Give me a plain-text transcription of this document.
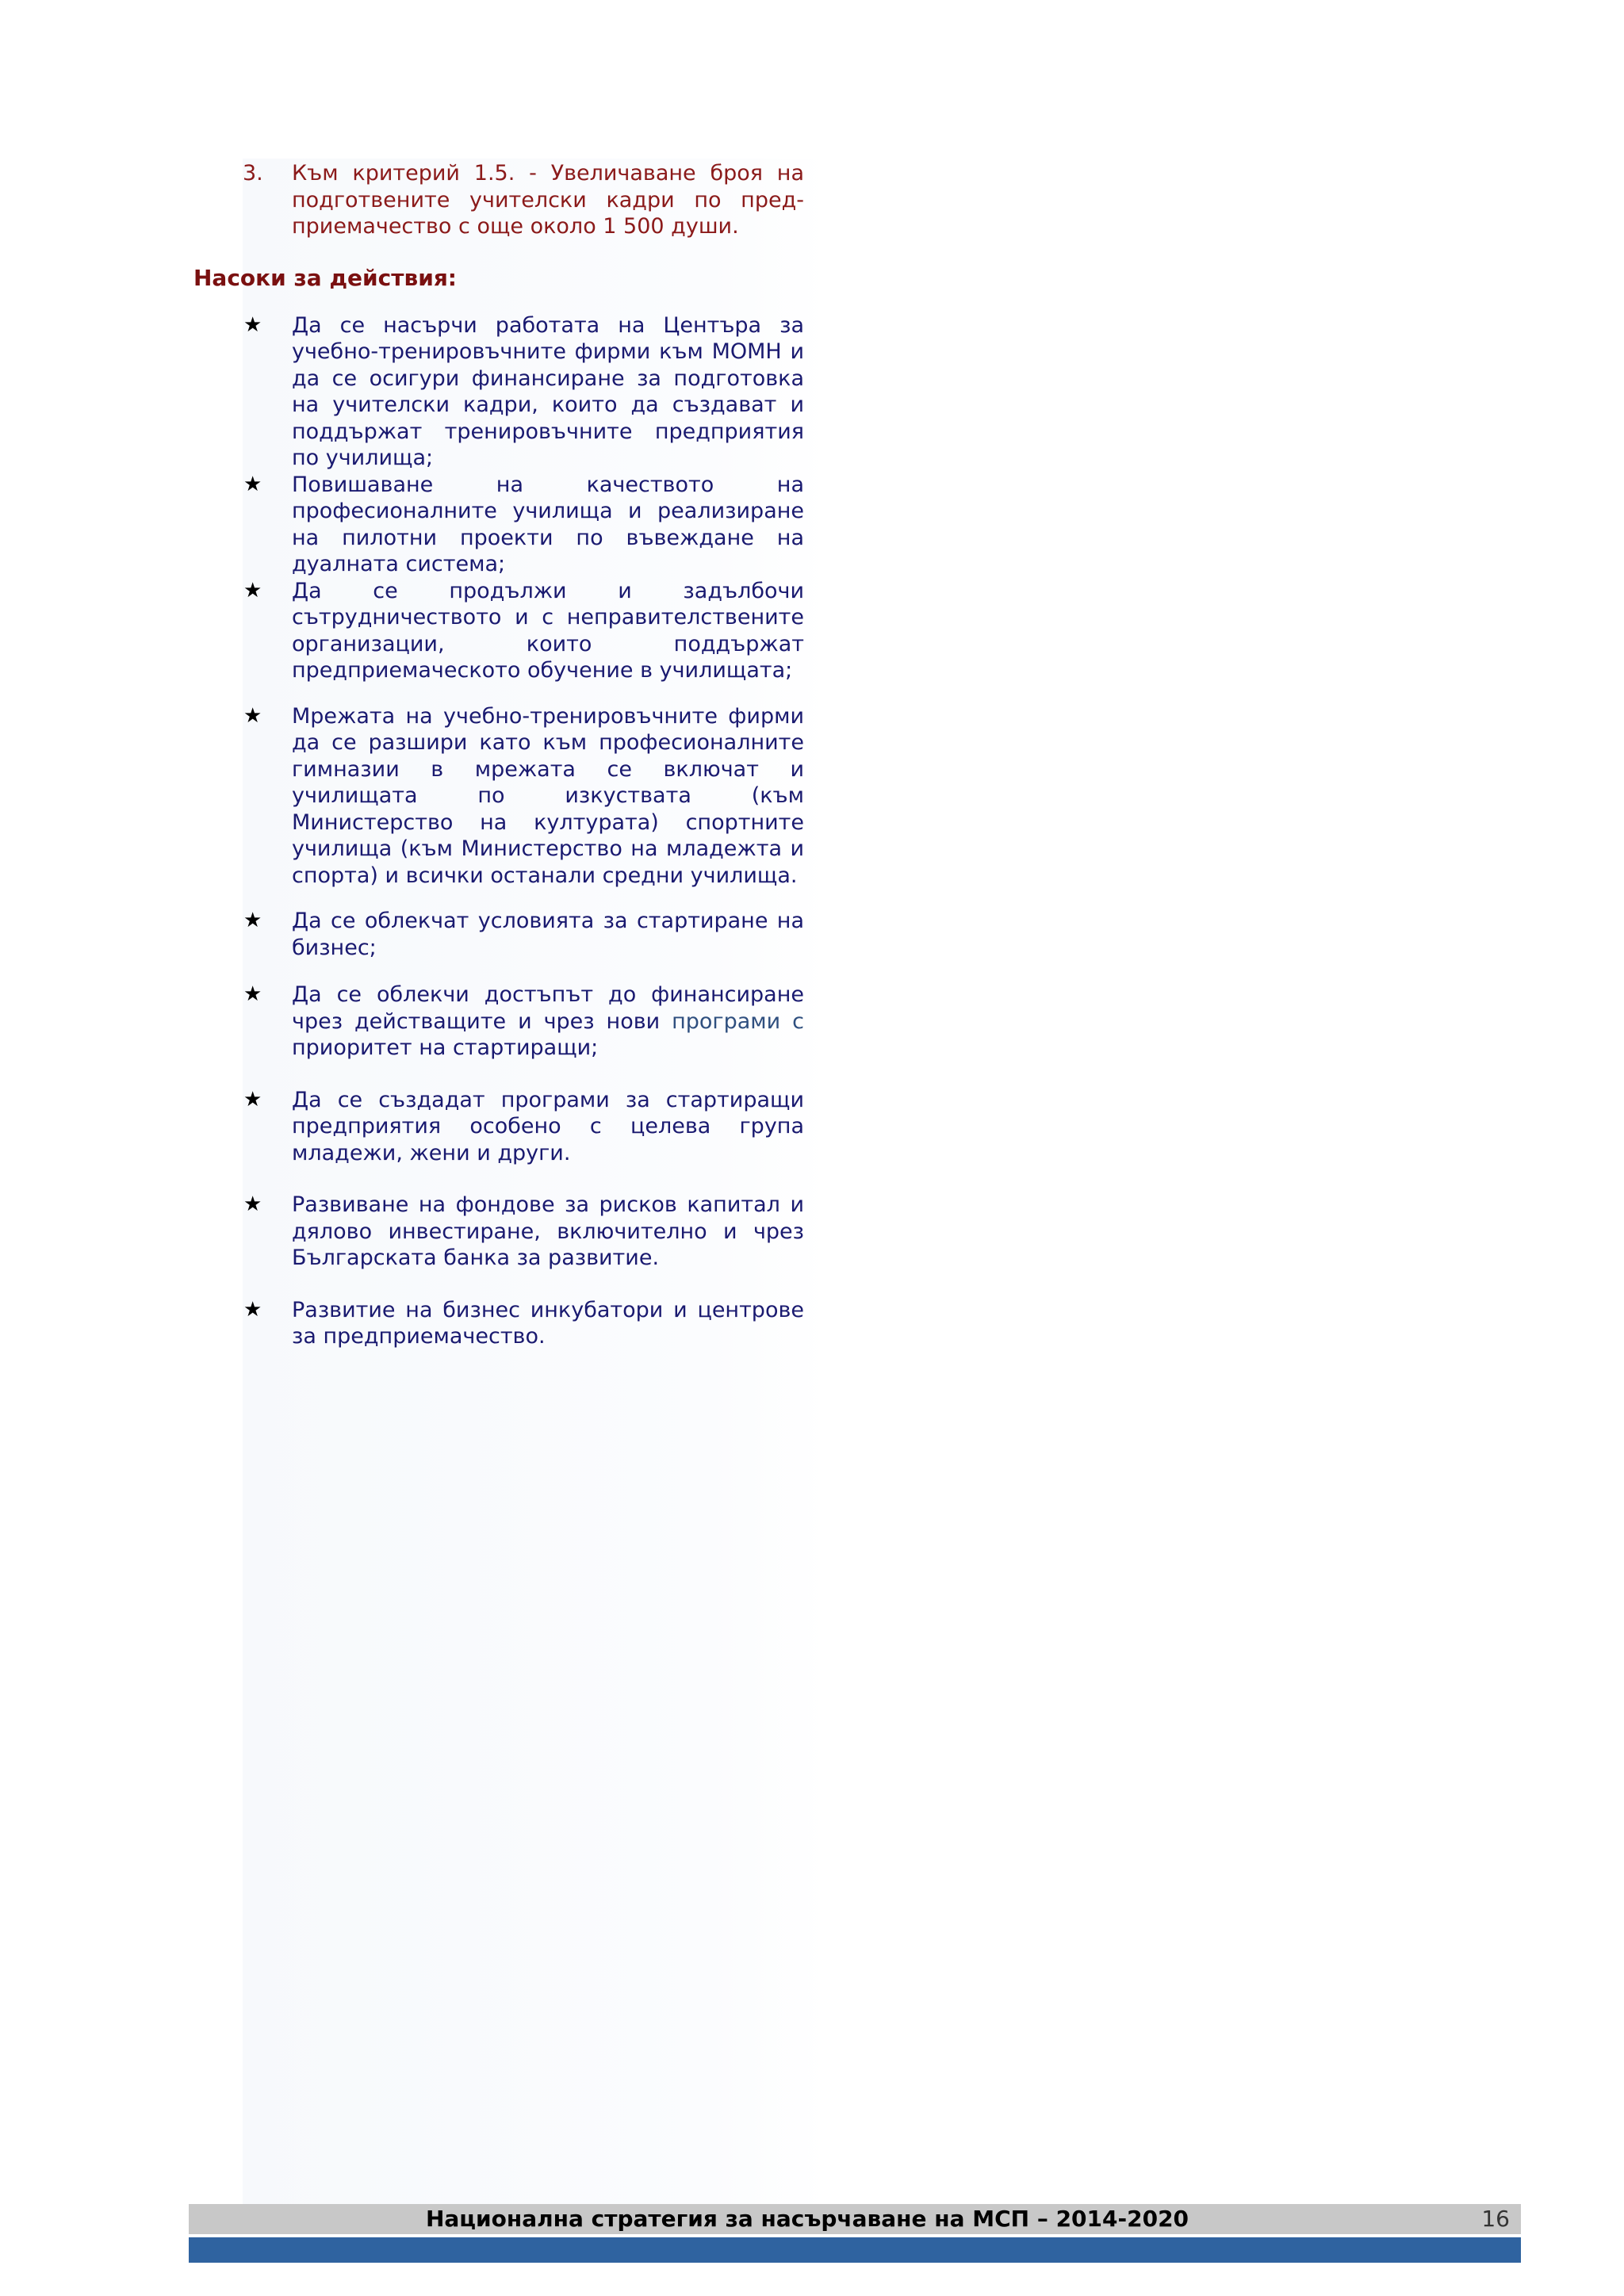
3. Към критерий 1.5. - Увеличаване броя на подготвените учителски кадри по пред-приемачество с още около 1 500 души.
Насоки за действия:
★ Да се насърчи работата на Центъра за учебно-тренировъчните фирми към МОМН и да се осигури финансиране за подготовка на учителски кадри, които да създават и поддържат тренировъчните предприятия по училища;
★ Повишаване на качеството на професионалните училища и реализиране на пилотни проекти по въвеждане на дуалната система;
★ Да се продължи и задълбочи сътрудничеството и с неправителствените организации, които поддържат предприемаческото обучение в училищата;
★ Мрежата на учебно-тренировъчните фирми да се разшири като към професионалните гимназии в мрежата се включат и училищата по изкуствата (към Министерство на културата) спортните училища (към Министерство на младежта и спорта) и всички останали средни училища.
★ Да се облекчат условията за стартиране на бизнес;
★ Да се облекчи достъпът до финансиране чрез действащите и чрез нови програми с приоритет на стартиращи;
★ Да се създадат програми за стартиращи предприятия особено с целева група младежи, жени и други.
★ Развиване на фондове за рисков капитал и дялово инвестиране, включително и чрез Българската банка за развитие.
★ Развитие на бизнес инкубатори и центрове за предприемачество.
Национална стратегия за насърчаване на МСП – 2014-2020	16
